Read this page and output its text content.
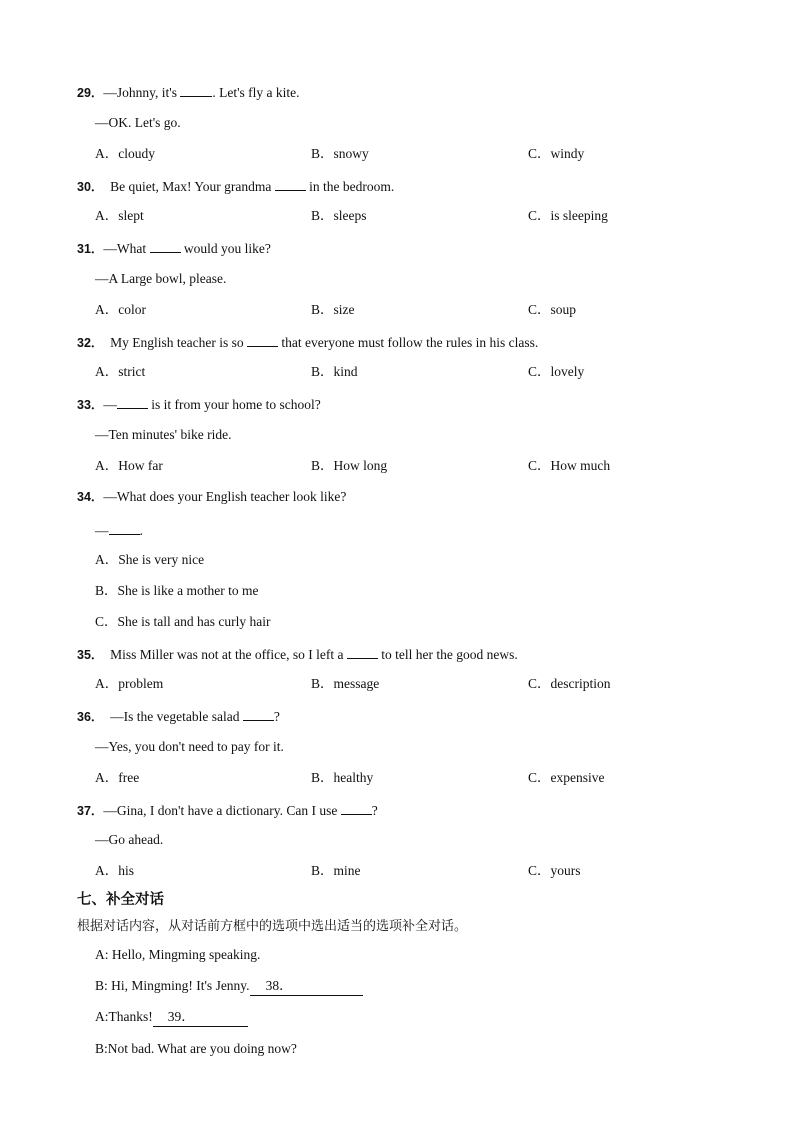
29．—Johnny, it's . Let's fly a kite.
—OK. Let's go.
A．cloudy	B．snowy	C．windy
30．  Be quiet, Max! Your grandma  in the bedroom.
A．slept	B．sleeps	C．is sleeping
31．—What  would you like?
—A Large bowl, please.
A．color	B．size	C．soup
32．  My English teacher is so  that everyone must follow the rules in his class.
A．strict	B．kind	C．lovely
33．— is it from your home to school?
—Ten minutes' bike ride.
A．How far	B．How long	C．How much
34．—What does your English teacher look like?
— .
A．She is very nice
B．She is like a mother to me
C．She is tall and has curly hair
35．  Miss Miller was not at the office, so I left a  to tell her the good news.
A．problem	B．message	C．description
36．  —Is the vegetable salad ?
—Yes, you don't need to pay for it.
A．free	B．healthy	C．expensive
37．—Gina, I don't have a dictionary. Can I use ?
—Go ahead.
A．his	B．mine	C．yours
七、补全对话
根据对话内容，从对话前方框中的选项中选出适当的选项补全对话。
A: Hello, Mingming speaking.
B: Hi, Mingming! It's Jenny. 38．
A:Thanks! 39．
B:Not bad. What are you doing now?
